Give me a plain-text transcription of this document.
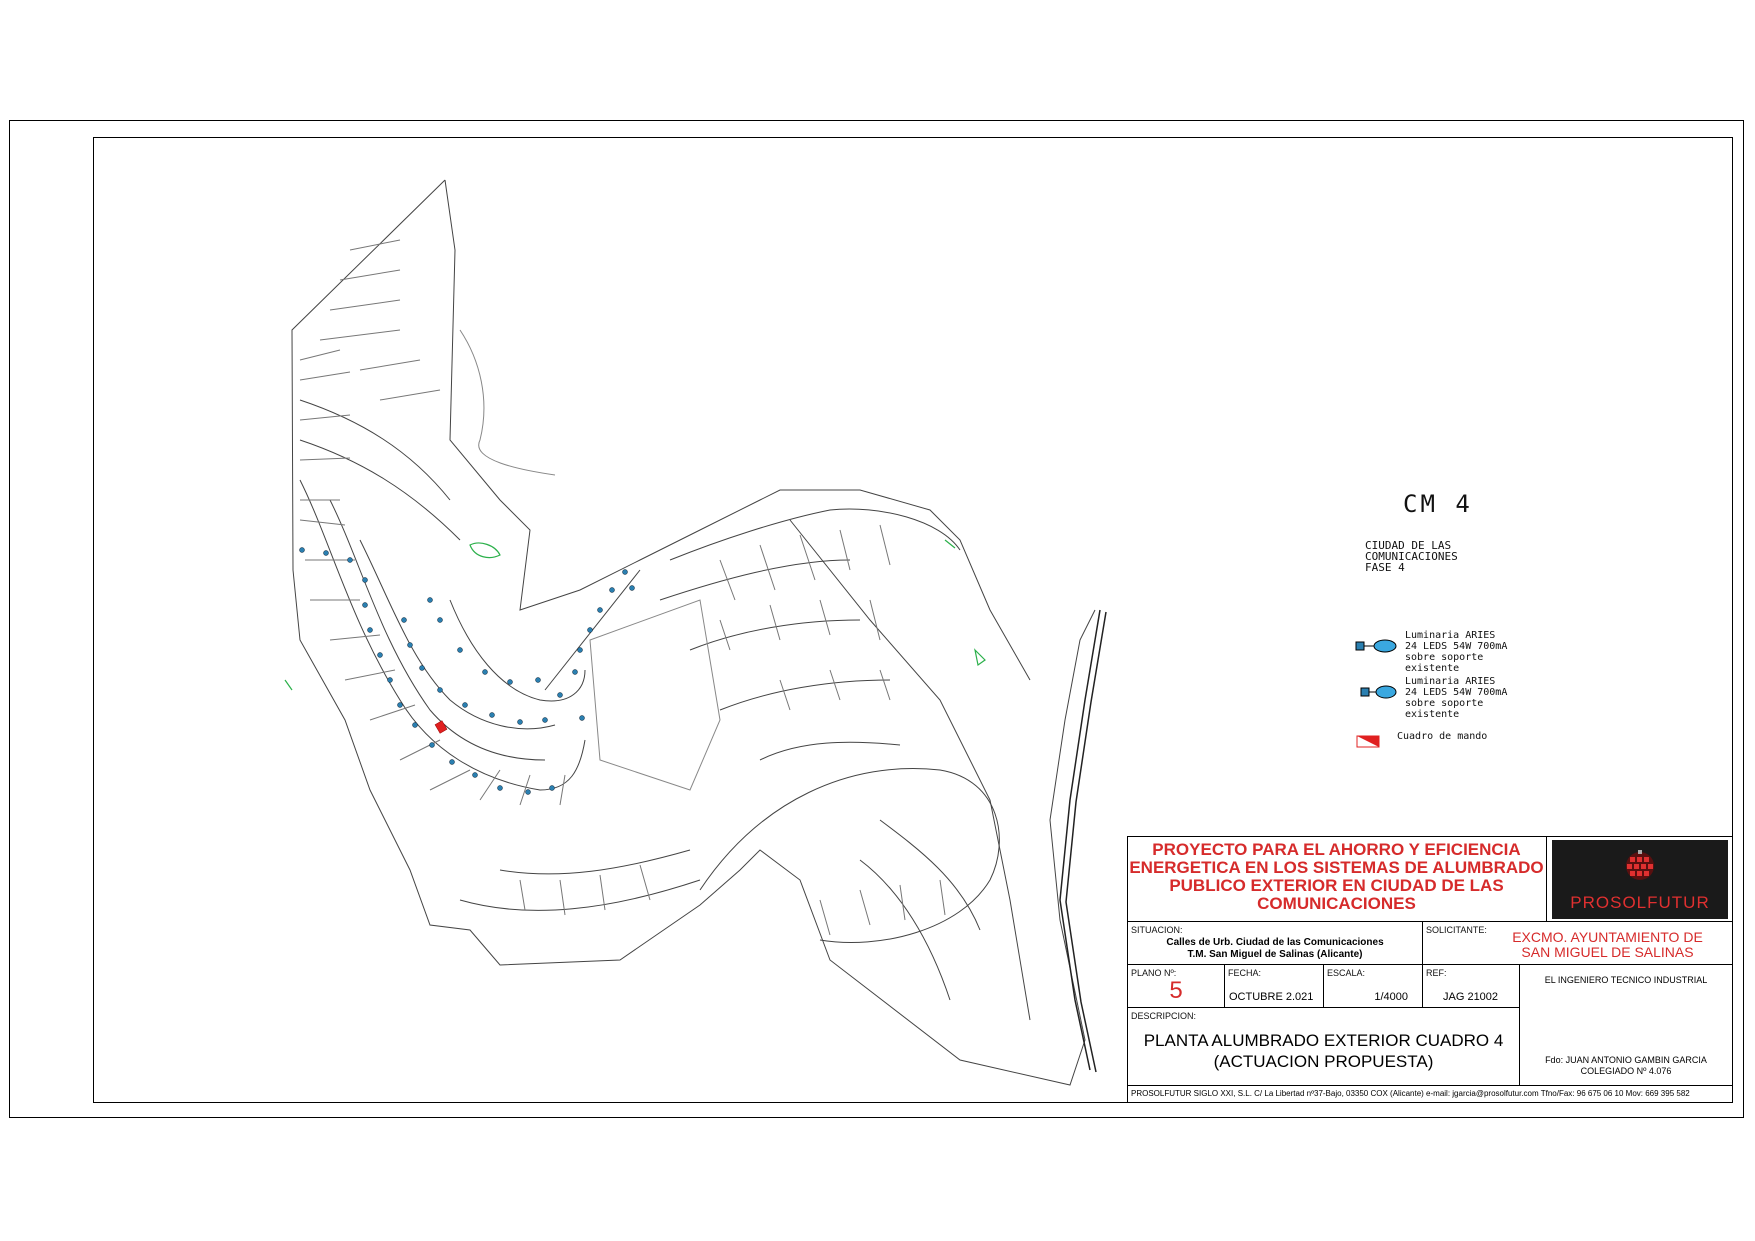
CM 4
CIUDAD DE LAS
COMUNICACIONES
FASE 4
Luminaria ARIES
24 LEDS 54W 700mA
sobre soporte
existente
Luminaria ARIES
24 LEDS 54W 700mA
sobre soporte
existente
Cuadro de mando
PROYECTO PARA EL AHORRO Y EFICIENCIA ENERGETICA EN LOS SISTEMAS DE ALUMBRADO PUBLICO EXTERIOR EN CIUDAD DE LAS COMUNICACIONES	PROSOLFUTUR
SITUACION:
Calles de Urb. Ciudad de las Comunicaciones
T.M. San Miguel de Salinas (Alicante)
SOLICITANTE:	EXCMO. AYUNTAMIENTO DE
SAN MIGUEL DE SALINAS
PLANO Nº:
5
FECHA:
OCTUBRE 2.021
ESCALA:
1/4000
REF:
JAG 21002
EL INGENIERO TECNICO INDUSTRIAL
Fdo: JUAN ANTONIO GAMBIN GARCIA
COLEGIADO Nº 4.076
DESCRIPCION:
PLANTA ALUMBRADO EXTERIOR CUADRO 4
(ACTUACION PROPUESTA)
PROSOLFUTUR SIGLO XXI, S.L. C/ La Libertad nº37-Bajo, 03350 COX (Alicante) e-mail: jgarcia@prosolfutur.com Tfno/Fax: 96 675 06 10 Mov: 669 395 582
